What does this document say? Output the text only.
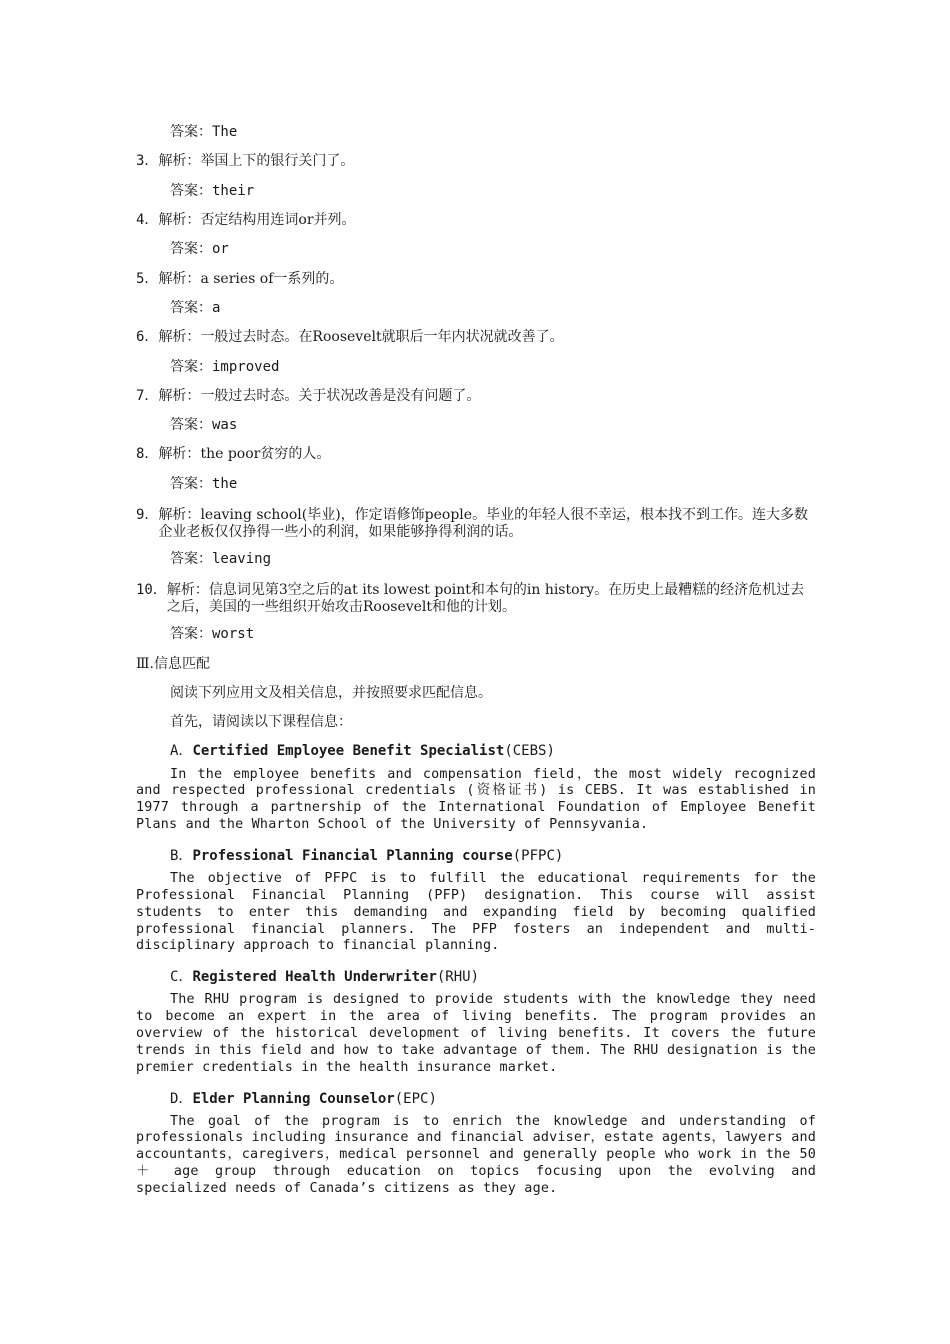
答案： The
3． 解析： 举国上下的银行关门了。
答案： their
4． 解析： 否定结构用连词or并列。
答案： or
5． 解析： a series of一系列的。
答案： a
6． 解析： 一般过去时态。在Roosevelt就职后一年内状况就改善了。
答案： improved
7． 解析： 一般过去时态。关于状况改善是没有问题了。
答案： was
8． 解析： the poor贫穷的人。
答案： the
9． 解析：leaving school(毕业)，作定语修饰people。毕业的年轻人很不幸运，根本找不到工作。连大多数企业老板仅仅挣得一些小的利润，如果能够挣得利润的话。
答案： leaving
10． 解析：信息词见第3空之后的at its lowest point和本句的in history。在历史上最糟糕的经济危机过去之后，美国的一些组织开始攻击Roosevelt和他的计划。
答案： worst
Ⅲ.信息匹配
阅读下列应用文及相关信息，并按照要求匹配信息。
首先，请阅读以下课程信息：
A． Certified Employee Benefit Specialist (CEBS)

In the employee benefits and compensation field，the most widely recognized and respected professional credentials (资格证书) is CEBS. It was established in 1977 through a partnership of the International Foundation of Employee Benefit Plans and the Wharton School of the University of Pennsyvania.

B． Professional Financial Planning course (PFPC)

The objective of PFPC is to fulfill the educational requirements for the Professional Financial Planning (PFP) designation. This course will assist students to enter this demanding and expanding field by becoming qualified professional financial planners. The PFP fosters an independent and multi-disciplinary approach to financial planning.

C． Registered Health Underwriter (RHU)

The RHU program is designed to provide students with the knowledge they need to become an expert in the area of living benefits. The program provides an overview of the historical development of living benefits. It covers the future trends in this field and how to take advantage of them. The RHU designation is the premier credentials in the health insurance market.

D． Elder Planning Counselor (EPC)

The goal of the program is to enrich the knowledge and understanding of professionals including insurance and financial adviser，estate agents，lawyers and accountants，caregivers，medical personnel and generally people who work in the 50＋ age group through education on topics focusing upon the evolving and specialized needs of Canada’s citizens as they age.
